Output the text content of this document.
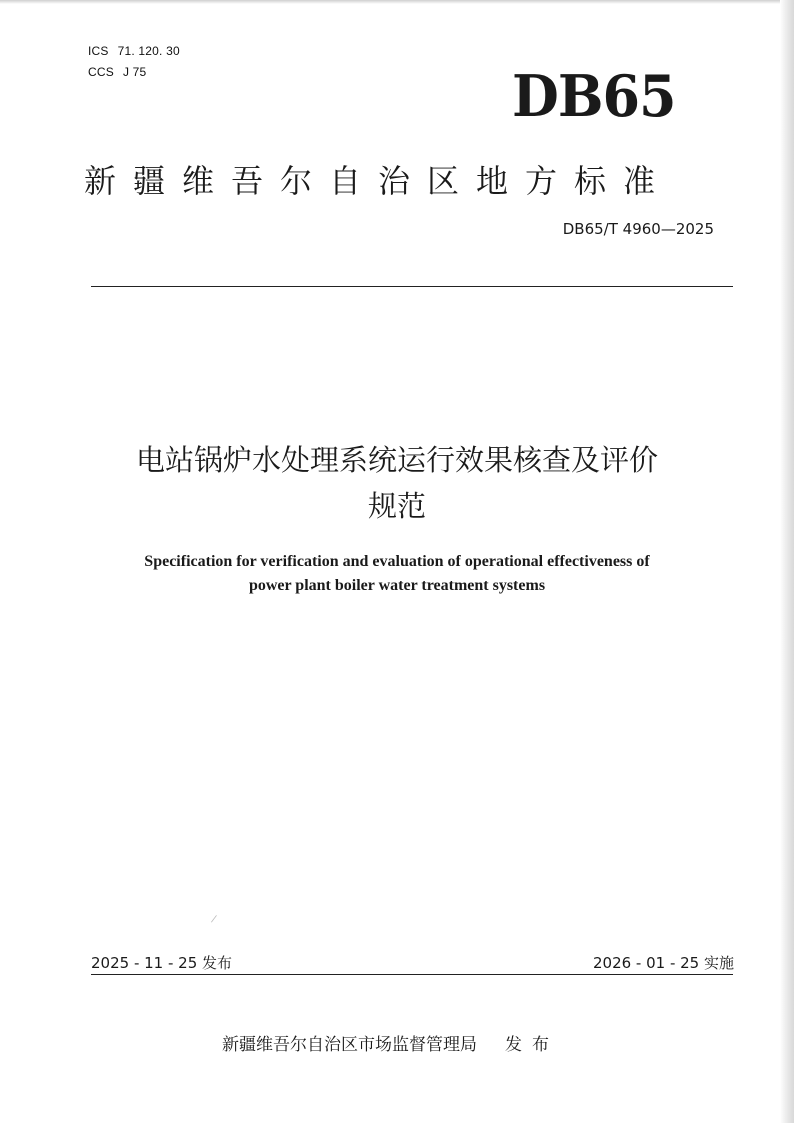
ICS 71. 120. 30
CCS J 75	DB65
新疆维吾尔自治区地方标准
DB65/T 4960—2025
电站锅炉水处理系统运行效果核查及评价
规范
Specification for verification and evaluation of operational effectiveness of
power plant boiler water treatment systems
/
2025 - 11 - 25 发布	2026 - 01 - 25 实施
新疆维吾尔自治区市场监督管理局 发布
